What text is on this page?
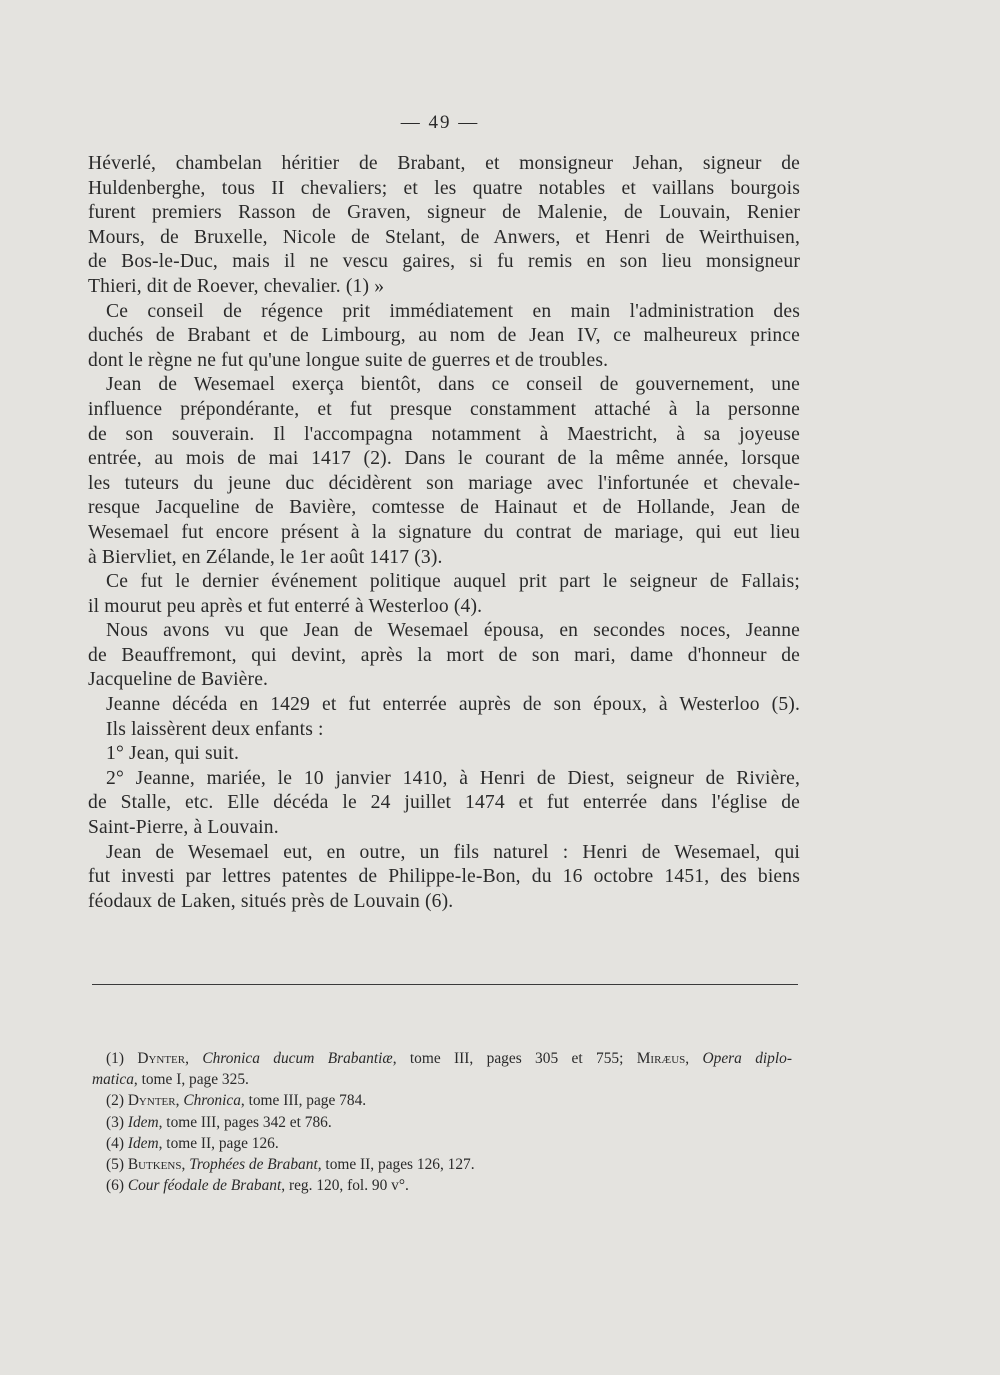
— 49 —
Héverlé, chambelan héritier de Brabant, et monsigneur Jehan, signeur de
Huldenberghe, tous II chevaliers; et les quatre notables et vaillans bourgois
furent premiers Rasson de Graven, signeur de Malenie, de Louvain, Renier
Mours, de Bruxelle, Nicole de Stelant, de Anwers, et Henri de Weirthuisen,
de Bos-le-Duc, mais il ne vescu gaires, si fu remis en son lieu monsigneur
Thieri, dit de Roever, chevalier. (1) »
Ce conseil de régence prit immédiatement en main l'administration des
duchés de Brabant et de Limbourg, au nom de Jean IV, ce malheureux prince
dont le règne ne fut qu'une longue suite de guerres et de troubles.
Jean de Wesemael exerça bientôt, dans ce conseil de gouvernement, une
influence prépondérante, et fut presque constamment attaché à la personne
de son souverain. Il l'accompagna notamment à Maestricht, à sa joyeuse
entrée, au mois de mai 1417 (2). Dans le courant de la même année, lorsque
les tuteurs du jeune duc décidèrent son mariage avec l'infortunée et chevale-
resque Jacqueline de Bavière, comtesse de Hainaut et de Hollande, Jean de
Wesemael fut encore présent à la signature du contrat de mariage, qui eut lieu
à Biervliet, en Zélande, le 1er août 1417 (3).
Ce fut le dernier événement politique auquel prit part le seigneur de Fallais;
il mourut peu après et fut enterré à Westerloo (4).
Nous avons vu que Jean de Wesemael épousa, en secondes noces, Jeanne
de Beauffremont, qui devint, après la mort de son mari, dame d'honneur de
Jacqueline de Bavière.
Jeanne décéda en 1429 et fut enterrée auprès de son époux, à Westerloo (5).
Ils laissèrent deux enfants :
1° Jean, qui suit.
2° Jeanne, mariée, le 10 janvier 1410, à Henri de Diest, seigneur de Rivière,
de Stalle, etc. Elle décéda le 24 juillet 1474 et fut enterrée dans l'église de
Saint-Pierre, à Louvain.
Jean de Wesemael eut, en outre, un fils naturel : Henri de Wesemael, qui
fut investi par lettres patentes de Philippe-le-Bon, du 16 octobre 1451, des biens
féodaux de Laken, situés près de Louvain (6).
(1) Dynter, Chronica ducum Brabantiæ, tome III, pages 305 et 755; Miræus, Opera diplo-
matica, tome I, page 325.
(2) Dynter, Chronica, tome III, page 784.
(3) Idem, tome III, pages 342 et 786.
(4) Idem, tome II, page 126.
(5) Butkens, Trophées de Brabant, tome II, pages 126, 127.
(6) Cour féodale de Brabant, reg. 120, fol. 90 v°.
